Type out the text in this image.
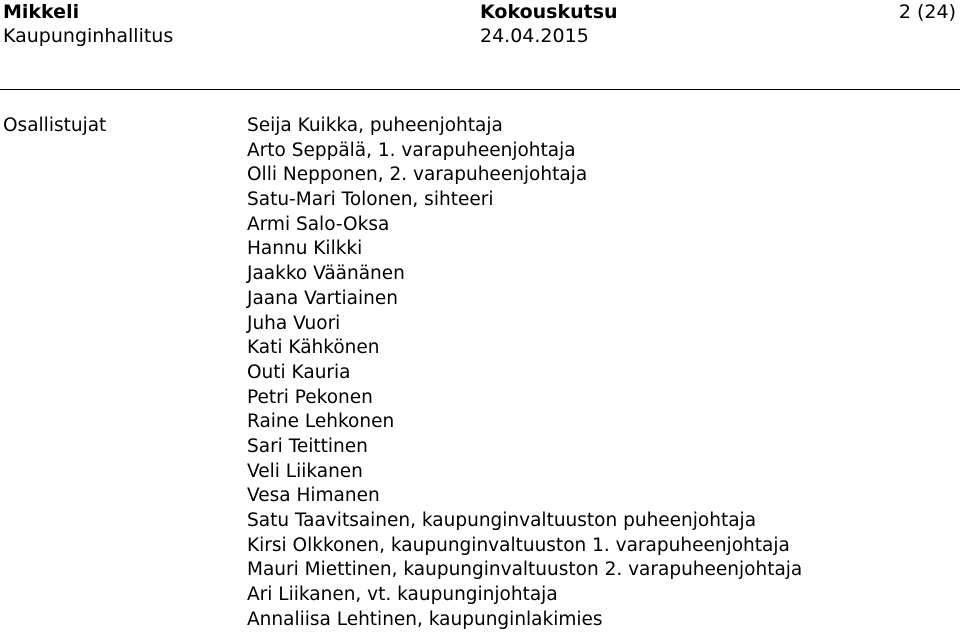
Mikkeli
Kaupunginhallitus
Kokouskutsu
24.04.2015
2 (24)
Osallistujat	Seija Kuikka, puheenjohtaja
Arto Seppälä, 1. varapuheenjohtaja
Olli Nepponen, 2. varapuheenjohtaja
Satu-Mari Tolonen, sihteeri
Armi Salo-Oksa
Hannu Kilkki
Jaakko Väänänen
Jaana Vartiainen
Juha Vuori
Kati Kähkönen
Outi Kauria
Petri Pekonen
Raine Lehkonen
Sari Teittinen
Veli Liikanen
Vesa Himanen
Satu Taavitsainen, kaupunginvaltuuston puheenjohtaja
Kirsi Olkkonen, kaupunginvaltuuston 1. varapuheenjohtaja
Mauri Miettinen, kaupunginvaltuuston 2. varapuheenjohtaja
Ari Liikanen, vt. kaupunginjohtaja
Annaliisa Lehtinen, kaupunginlakimies
